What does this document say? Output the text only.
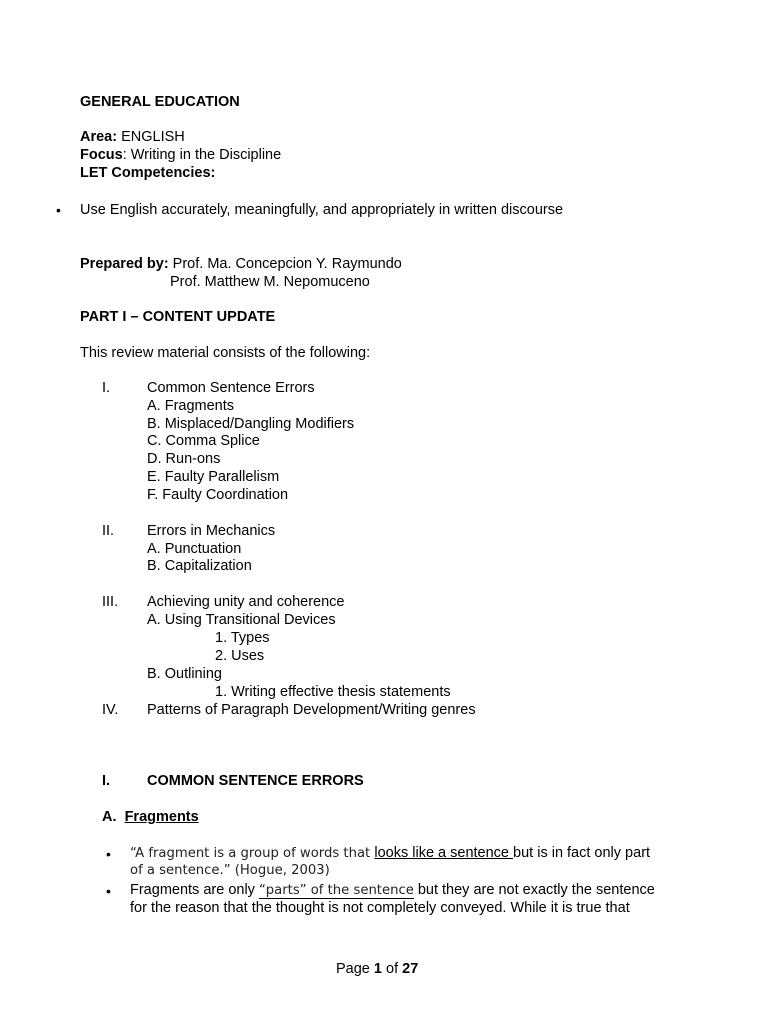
GENERAL EDUCATION
Area: ENGLISH
Focus: Writing in the Discipline
LET Competencies:
• Use English accurately, meaningfully, and appropriately in written discourse
Prepared by: Prof. Ma. Concepcion Y. Raymundo
Prof. Matthew M. Nepomuceno
PART I – CONTENT UPDATE
This review material consists of the following:
I.	Common Sentence Errors
A. Fragments
B. Misplaced/Dangling Modifiers
C. Comma Splice
D. Run-ons
E. Faulty Parallelism
F. Faulty Coordination
II. Errors in Mechanics
A. Punctuation
B. Capitalization
III. Achieving unity and coherence
A. Using Transitional Devices
1. Types
2. Uses
B. Outlining
1. Writing effective thesis statements
IV. Patterns of Paragraph Development/Writing genres
I.	COMMON SENTENCE ERRORS
A. Fragments
• “A fragment is a group of words that looks like a sentence but is in fact only part
of a sentence.” (Hogue, 2003)
• Fragments are only “parts” of the sentence but they are not exactly the sentence
for the reason that the thought is not completely conveyed. While it is true that
Page 1 of 27
